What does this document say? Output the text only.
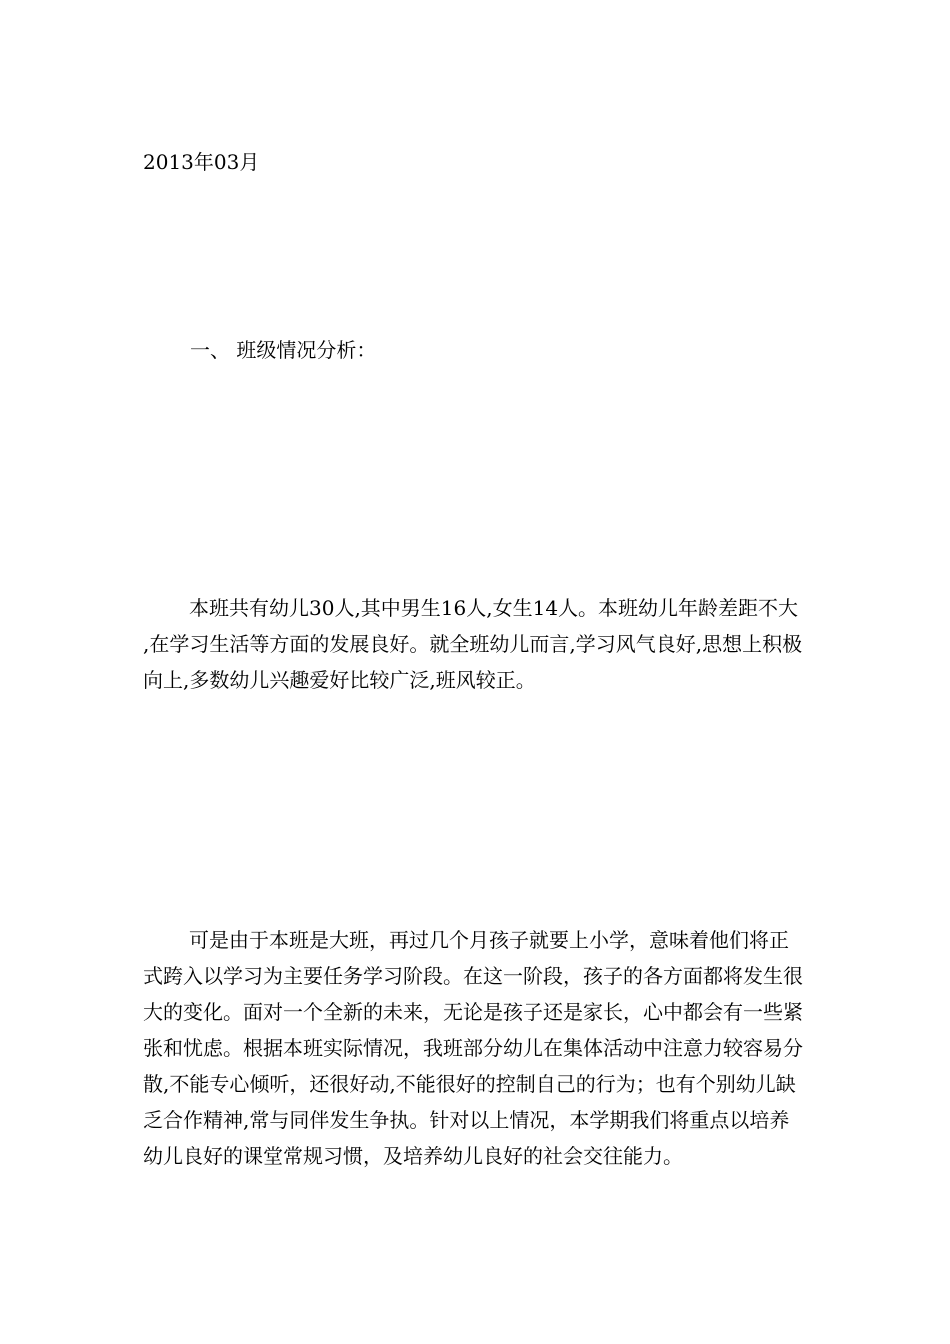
2013年03月
一、 班级情况分析：

本班共有幼儿30人,其中男生16人,女生14人。本班幼儿年龄差距不大 ,在学习生活等方面的发展良好。就全班幼儿而言,学习风气良好,思想上积极向上,多数幼儿兴趣爱好比较广泛,班风较正。

可是由于本班是大班，再过几个月孩子就要上小学，意味着他们将正式跨入以学习为主要任务学习阶段。在这一阶段，孩子的各方面都将发生很大的变化。面对一个全新的未来，无论是孩子还是家长，心中都会有一些紧张和忧虑。根据本班实际情况，我班部分幼儿在集体活动中注意力较容易分散,不能专心倾听，还很好动,不能很好的控制自己的行为；也有个别幼儿缺乏合作精神,常与同伴发生争执。针对以上情况，本学期我们将重点以培养幼儿良好的课堂常规习惯，及培养幼儿良好的社会交往能力。
